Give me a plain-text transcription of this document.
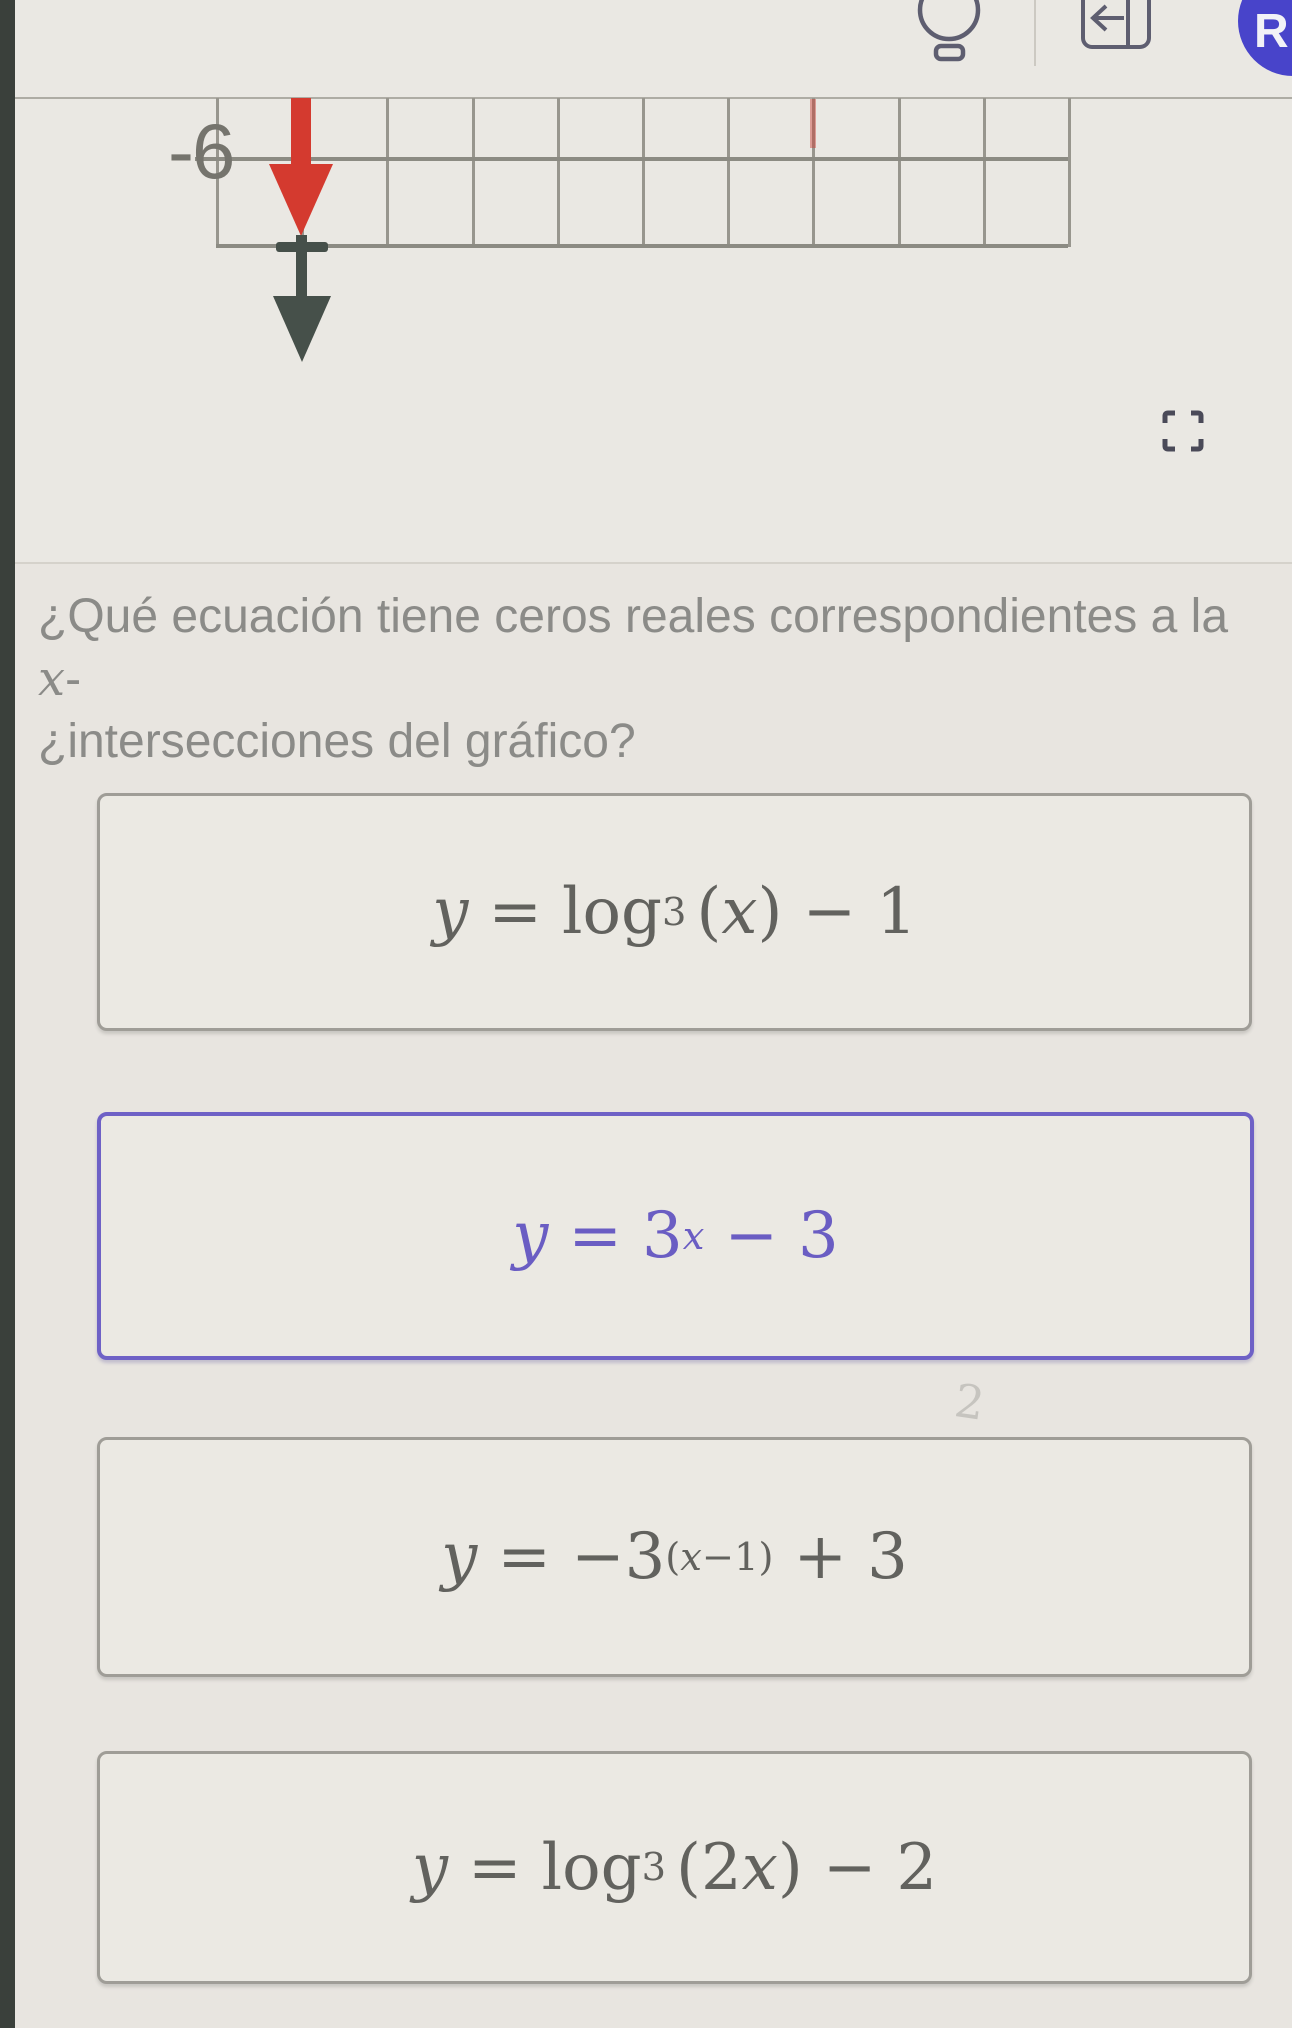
R
-6
¿Qué ecuación tiene ceros reales correspondientes a la x-
¿intersecciones del gráfico?
y = log 3 ( x ) − 1
y = 3 x − 3
2
y = −3 ( x −1) + 3
y = log 3 ( 2 x ) − 2
